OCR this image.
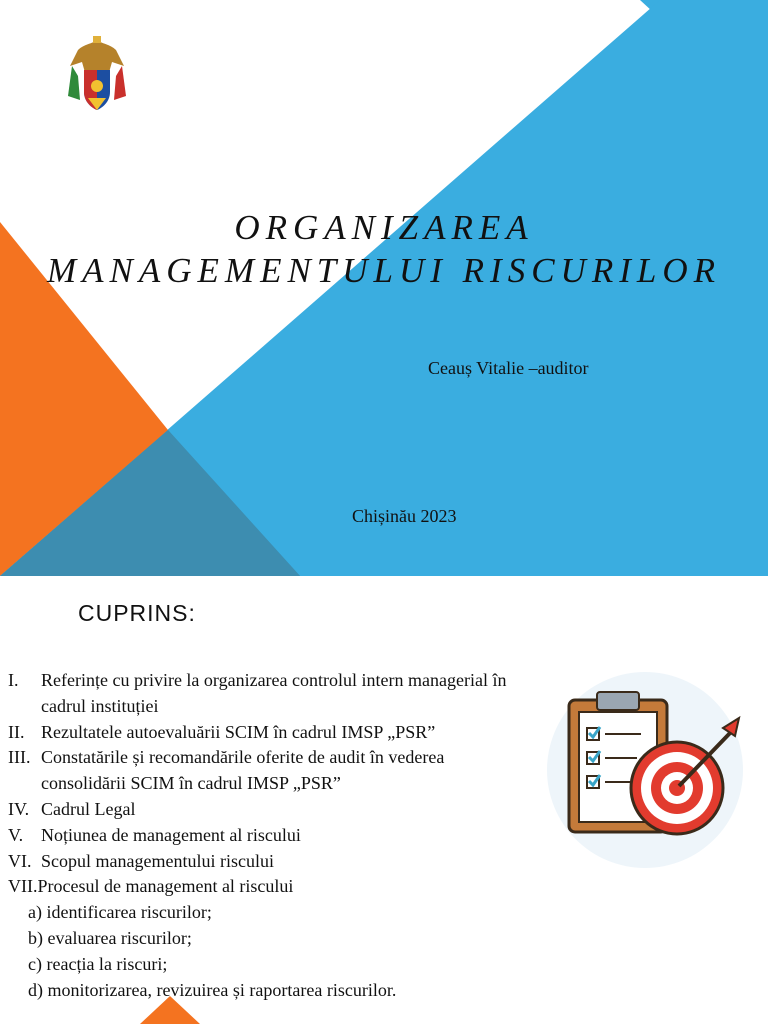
ORGANIZAREA
MANAGEMENTULUI RISCURILOR
Ceauș Vitalie –auditor
Chișinău 2023
CUPRINS:
I.	Referințe cu privire la organizarea controlul intern managerial în cadrul instituției
II. Rezultatele autoevaluării SCIM în cadrul IMSP „PSR”
III. Constatările și recomandările oferite de audit în vederea consolidării SCIM în cadrul IMSP „PSR”
IV. Cadrul Legal
V. Noțiunea de management al riscului
VI. Scopul managementului riscului
VII. Procesul de management al riscului
a) identificarea riscurilor;
b) evaluarea riscurilor;
c) reacția la riscuri;
d) monitorizarea, revizuirea și raportarea riscurilor.
